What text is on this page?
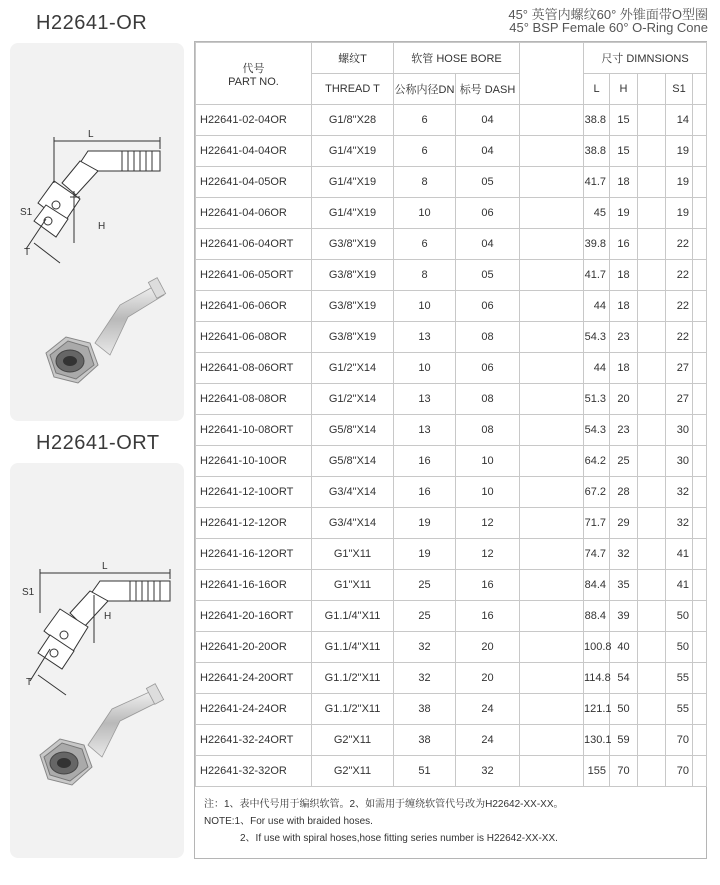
H22641-OR
H22641-ORT
45° 英管内螺纹60° 外锥面带O型圈
45° BSP Female 60° O-Ring Cone
L
S1
H
T
L
S1
H
T
代号
PART NO.	螺纹T	软管 HOSE BORE			尺寸 DIMNSIONS				
	THREAD T	公称内径DN	标号 DASH		L	H		S1	
H22641-02-04OR	G1/8"X28	6	04		38.8	15		14	
H22641-04-04OR	G1/4"X19	6	04		38.8	15		19	
H22641-04-05OR	G1/4"X19	8	05		41.7	18		19	
H22641-04-06OR	G1/4"X19	10	06		45	19		19	
H22641-06-04ORT	G3/8"X19	6	04		39.8	16		22	
H22641-06-05ORT	G3/8"X19	8	05		41.7	18		22	
H22641-06-06OR	G3/8"X19	10	06		44	18		22	
H22641-06-08OR	G3/8"X19	13	08		54.3	23		22	
H22641-08-06ORT	G1/2"X14	10	06		44	18		27	
H22641-08-08OR	G1/2"X14	13	08		51.3	20		27	
H22641-10-08ORT	G5/8"X14	13	08		54.3	23		30	
H22641-10-10OR	G5/8"X14	16	10		64.2	25		30	
H22641-12-10ORT	G3/4"X14	16	10		67.2	28		32	
H22641-12-12OR	G3/4"X14	19	12		71.7	29		32	
H22641-16-12ORT	G1"X11	19	12		74.7	32		41	
H22641-16-16OR	G1"X11	25	16		84.4	35		41	
H22641-20-16ORT	G1.1/4"X11	25	16		88.4	39		50	
H22641-20-20OR	G1.1/4"X11	32	20		100.8	40		50	
H22641-24-20ORT	G1.1/2"X11	32	20		114.8	54		55	
H22641-24-24OR	G1.1/2"X11	38	24		121.1	50		55	
H22641-32-24ORT	G2"X11	38	24		130.1	59		70	
H22641-32-32OR	G2"X11	51	32		155	70		70	
注：1、表中代号用于编织软管。2、如需用于缠绕软管代号改为H22642-XX-XX。
NOTE:1、For use with braided hoses.
2、If use with spiral hoses,hose fitting series number is H22642-XX-XX.
